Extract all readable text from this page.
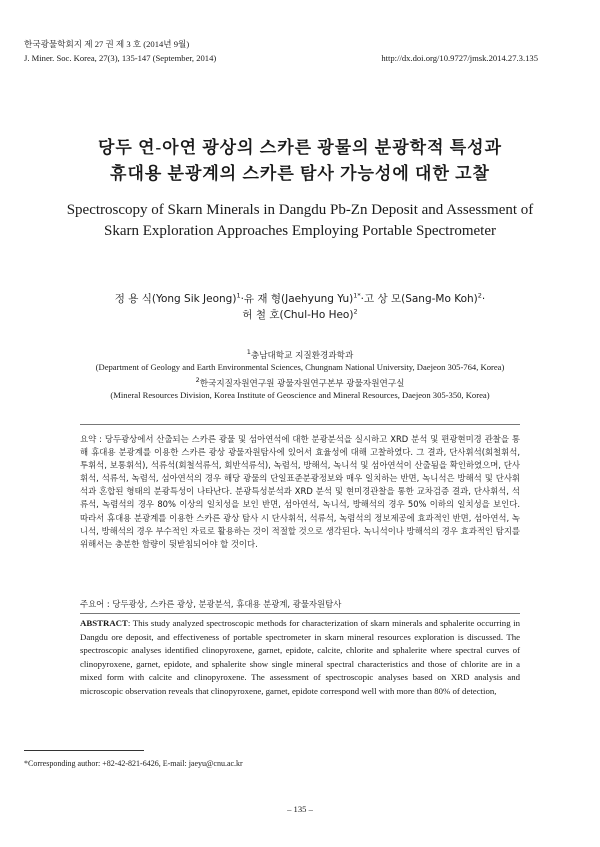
한국광물학회지 제 27 권 제 3 호 (2014년 9월)
J. Miner. Soc. Korea, 27(3), 135-147 (September, 2014)	http://dx.doi.org/10.9727/jmsk.2014.27.3.135
당두 연-아연 광상의 스카른 광물의 분광학적 특성과
휴대용 분광계의 스카른 탐사 가능성에 대한 고찰
Spectroscopy of Skarn Minerals in Dangdu Pb-Zn Deposit and Assessment of Skarn Exploration Approaches Employing Portable Spectrometer
정 용 식(Yong Sik Jeong)$^1$·유 재 형(Jaehyung Yu)$^{1*}$·고 상 모(Sang-Mo Koh)$^2$·
허 철 호(Chul-Ho Heo)$^2$
$^1$충남대학교 지질환경과학과
(Department of Geology and Earth Environmental Sciences, Chungnam National University, Daejeon 305-764, Korea)
$^2$한국지질자원연구원 광물자원연구본부 광물자원연구실
(Mineral Resources Division, Korea Institute of Geoscience and Mineral Resources, Daejeon 305-350, Korea)
요약 : 당두광상에서 산출되는 스카른 광물 및 섬아연석에 대한 분광분석을 실시하고 XRD 분석 및 편광현미경 관찰을 통해 휴대용 분광계를 이용한 스카른 광상 광물자원탐사에 있어서 효율성에 대해 고찰하였다. 그 결과, 단사휘석(회철휘석, 투휘석, 보통휘석), 석류석(회철석류석, 회반석류석), 녹렴석, 방해석, 녹니석 및 섬아연석이 산출됨을 확인하였으며, 단사휘석, 석류석, 녹렴석, 섬아연석의 경우 해당 광물의 단일표준분광정보와 매우 일치하는 반면, 녹니석은 방해석 및 단사휘석과 혼합된 형태의 분광특성이 나타난다. 분광특성분석과 XRD 분석 및 현미경관찰을 통한 교차검증 결과, 단사휘석, 석류석, 녹렴석의 경우 80% 이상의 일치성을 보인 반면, 섬아연석, 녹니석, 방해석의 경우 50% 이하의 일치성을 보인다. 따라서 휴대용 분광계를 이용한 스카른 광상 탐사 시 단사휘석, 석류석, 녹렴석의 정보제공에 효과적인 반면, 섬아연석, 녹니석, 방해석의 경우 부수적인 자료로 활용하는 것이 적절할 것으로 생각된다. 녹니석이나 방해석의 경우 효과적인 탐지를 위해서는 충분한 함량이 뒷받침되어야 할 것이다.
주요어 : 당두광상, 스카른 광상, 분광분석, 휴대용 분광계, 광물자원탐사
ABSTRACT: This study analyzed spectroscopic methods for characterization of skarn minerals and sphalerite occurring in Dangdu ore deposit, and effectiveness of portable spectrometer in skarn mineral resources exploration is discussed. The spectroscopic analyses identified clinopyroxene, garnet, epidote, calcite, chlorite and sphalerite where spectral curves of clinopyroxene, garnet, epidote, and sphalerite show single mineral spectral characteristics and those of chlorite are in a mixed form with calcite and clinopyroxene. The assessment of spectroscopic analyses based on XRD analysis and microscopic observation reveals that clinopyroxene, garnet, epidote correspond well with more than 80% of detection,
*Corresponding author: +82-42-821-6426, E-mail: jaeyu@cnu.ac.kr
– 135 –
